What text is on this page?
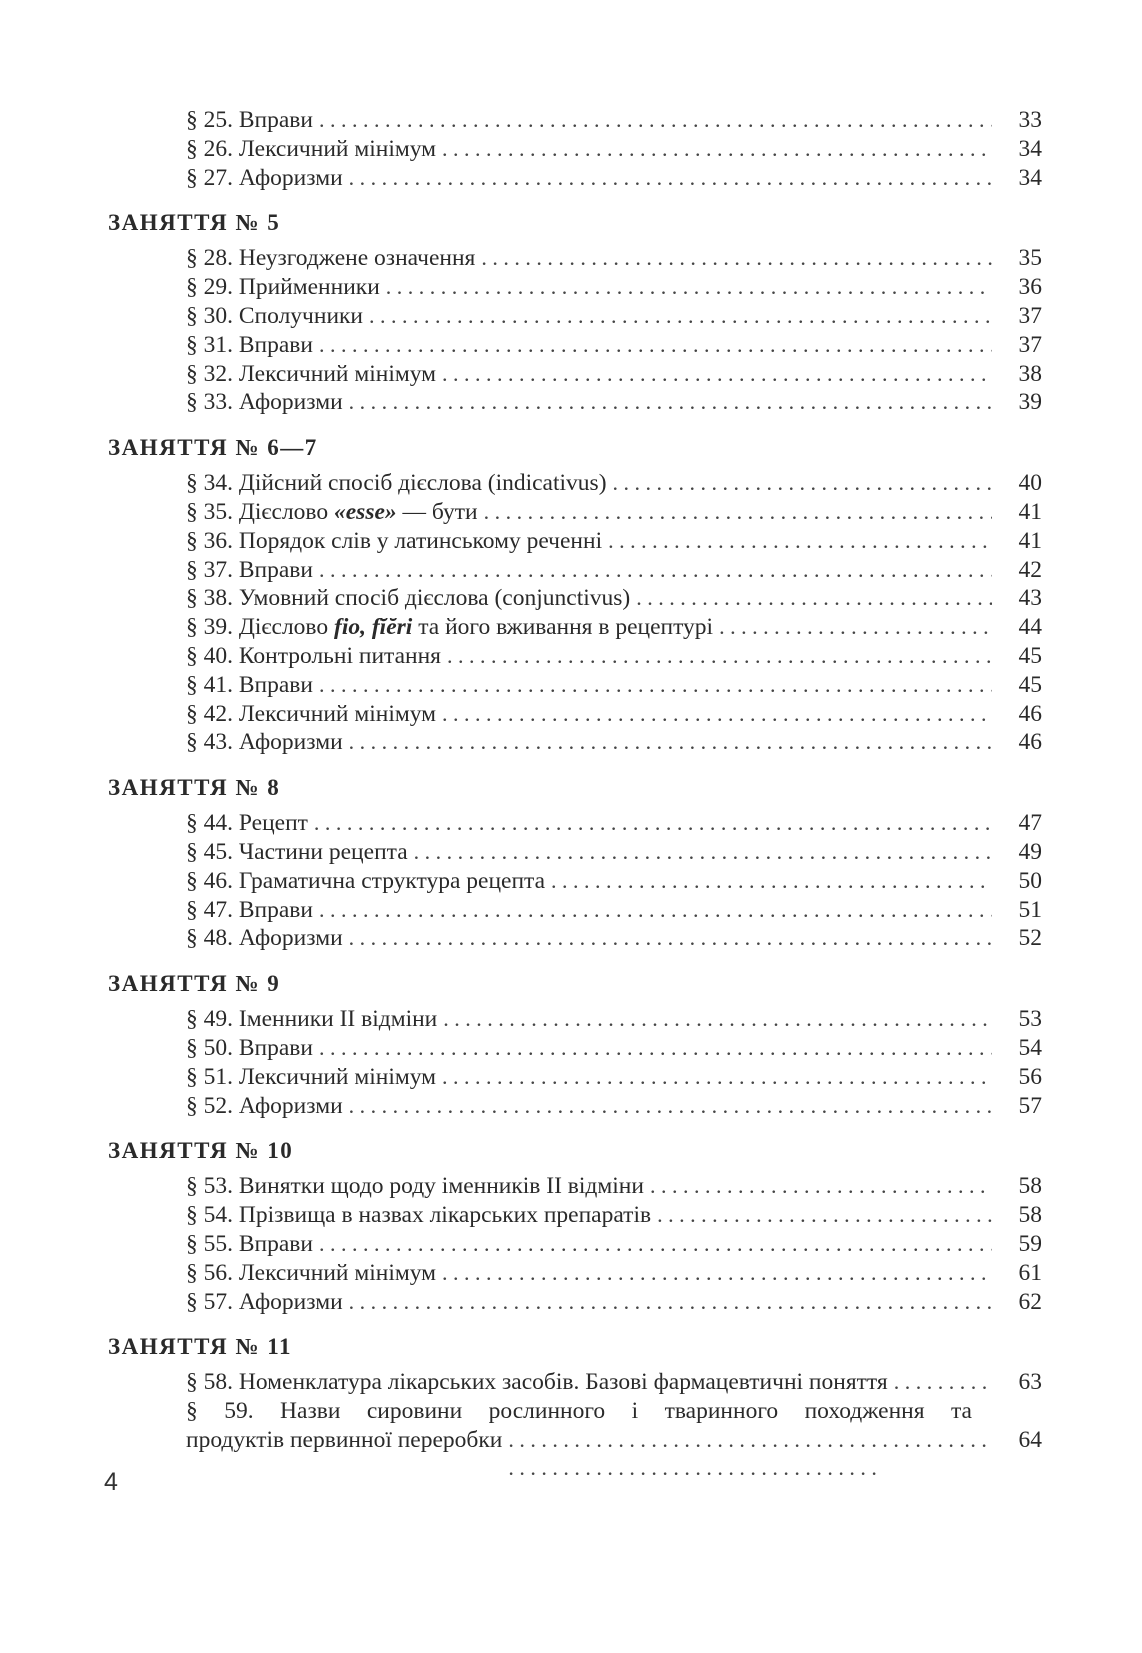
§ 25. Вправи . . .	33
§ 26. Лексичний мінімум . . .	34
§ 27. Афоризми . . .	34
ЗАНЯТТЯ № 5
§ 28. Неузгоджене означення . . .	35
§ 29. Прийменники . . .	36
§ 30. Сполучники . . .	37
§ 31. Вправи . . .	37
§ 32. Лексичний мінімум . . .	38
§ 33. Афоризми . . .	39
ЗАНЯТТЯ № 6—7
§ 34. Дійсний спосіб дієслова (indicativus) . . .	40
§ 35. Дієслово «esse» — бути . . .	41
§ 36. Порядок слів у латинському реченні . . .	41
§ 37. Вправи . . .	42
§ 38. Умовний спосіб дієслова (conjunctivus) . . .	43
§ 39. Дієслово fio, fĭĕri та його вживання в рецептурі . . .	44
§ 40. Контрольні питання . . .	45
§ 41. Вправи . . .	45
§ 42. Лексичний мінімум . . .	46
§ 43. Афоризми . . .	46
ЗАНЯТТЯ № 8
§ 44. Рецепт . . .	47
§ 45. Частини рецепта . . .	49
§ 46. Граматична структура рецепта . . .	50
§ 47. Вправи . . .	51
§ 48. Афоризми . . .	52
ЗАНЯТТЯ № 9
§ 49. Іменники II відміни . . .	53
§ 50. Вправи . . .	54
§ 51. Лексичний мінімум . . .	56
§ 52. Афоризми . . .	57
ЗАНЯТТЯ № 10
§ 53. Винятки щодо роду іменників II відміни . . .	58
§ 54. Прізвища в назвах лікарських препаратів . . .	58
§ 55. Вправи . . .	59
§ 56. Лексичний мінімум . . .	61
§ 57. Афоризми . . .	62
ЗАНЯТТЯ № 11
§ 58. Номенклатура лікарських засобів. Базові фармацевтичні поняття . . .	63
§ 59. Назви сировини рослинного і тваринного походження та
продуктів первинної переробки . . .	64
4
